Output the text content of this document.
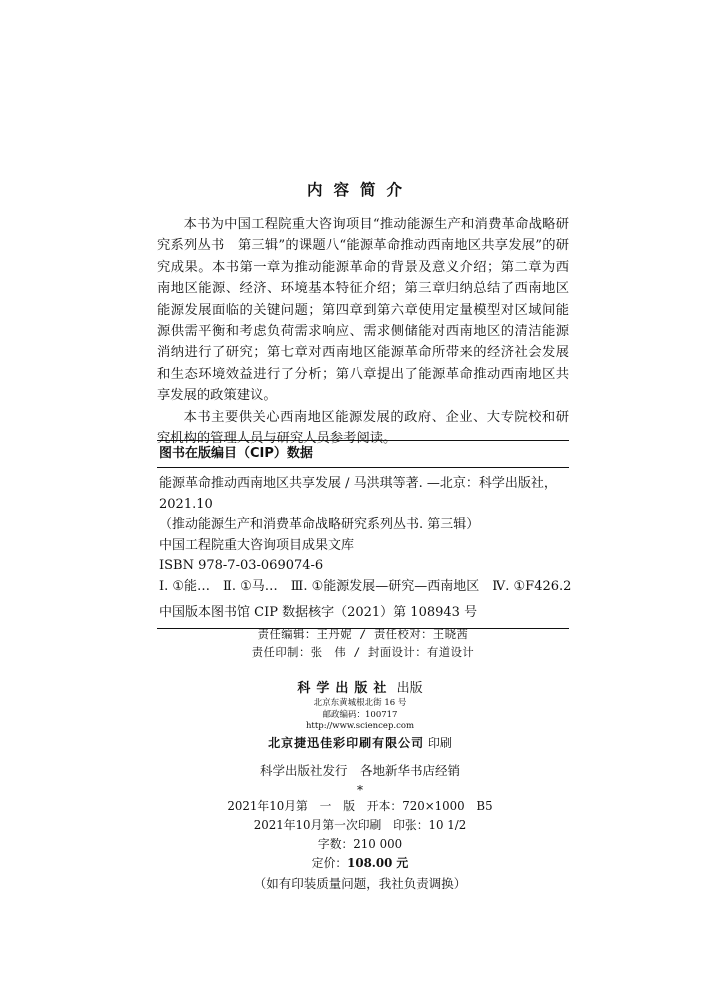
内容简介

本书为中国工程院重大咨询项目“推动能源生产和消费革命战略研究系列丛书　第三辑”的课题八“能源革命推动西南地区共享发展”的研究成果。本书第一章为推动能源革命的背景及意义介绍；第二章为西南地区能源、经济、环境基本特征介绍；第三章归纳总结了西南地区能源发展面临的关键问题；第四章到第六章使用定量模型对区域间能源供需平衡和考虑负荷需求响应、需求侧储能对西南地区的清洁能源消纳进行了研究；第七章对西南地区能源革命所带来的经济社会发展和生态环境效益进行了分析；第八章提出了能源革命推动西南地区共享发展的政策建议。

本书主要供关心西南地区能源发展的政府、企业、大专院校和研究机构的管理人员与研究人员参考阅读。

图书在版编目（CIP）数据
能源革命推动西南地区共享发展 / 马洪琪等著. —北京：科学出版社，
2021.10
（推动能源生产和消费革命战略研究系列丛书. 第三辑）
中国工程院重大咨询项目成果文库
ISBN 978-7-03-069074-6
Ⅰ. ①能…　Ⅱ. ①马…　Ⅲ. ①能源发展—研究—西南地区　Ⅳ. ①F426.2
中国版本图书馆 CIP 数据核字（2021）第 108943 号
责任编辑：王丹妮 / 责任校对：王晓茜
责任印制：张　伟 / 封面设计：有道设计
科学出版社 出版
北京东黄城根北街 16 号
邮政编码：100717
http://www.sciencep.com
北京捷迅佳彩印刷有限公司 印刷
科学出版社发行　各地新华书店经销
*
2021年10月第　一　版　开本：720×1000　B5
2021年10月第一次印刷　印张：10 1/2
字数：210 000
定价：108.00 元
（如有印装质量问题，我社负责调换）
